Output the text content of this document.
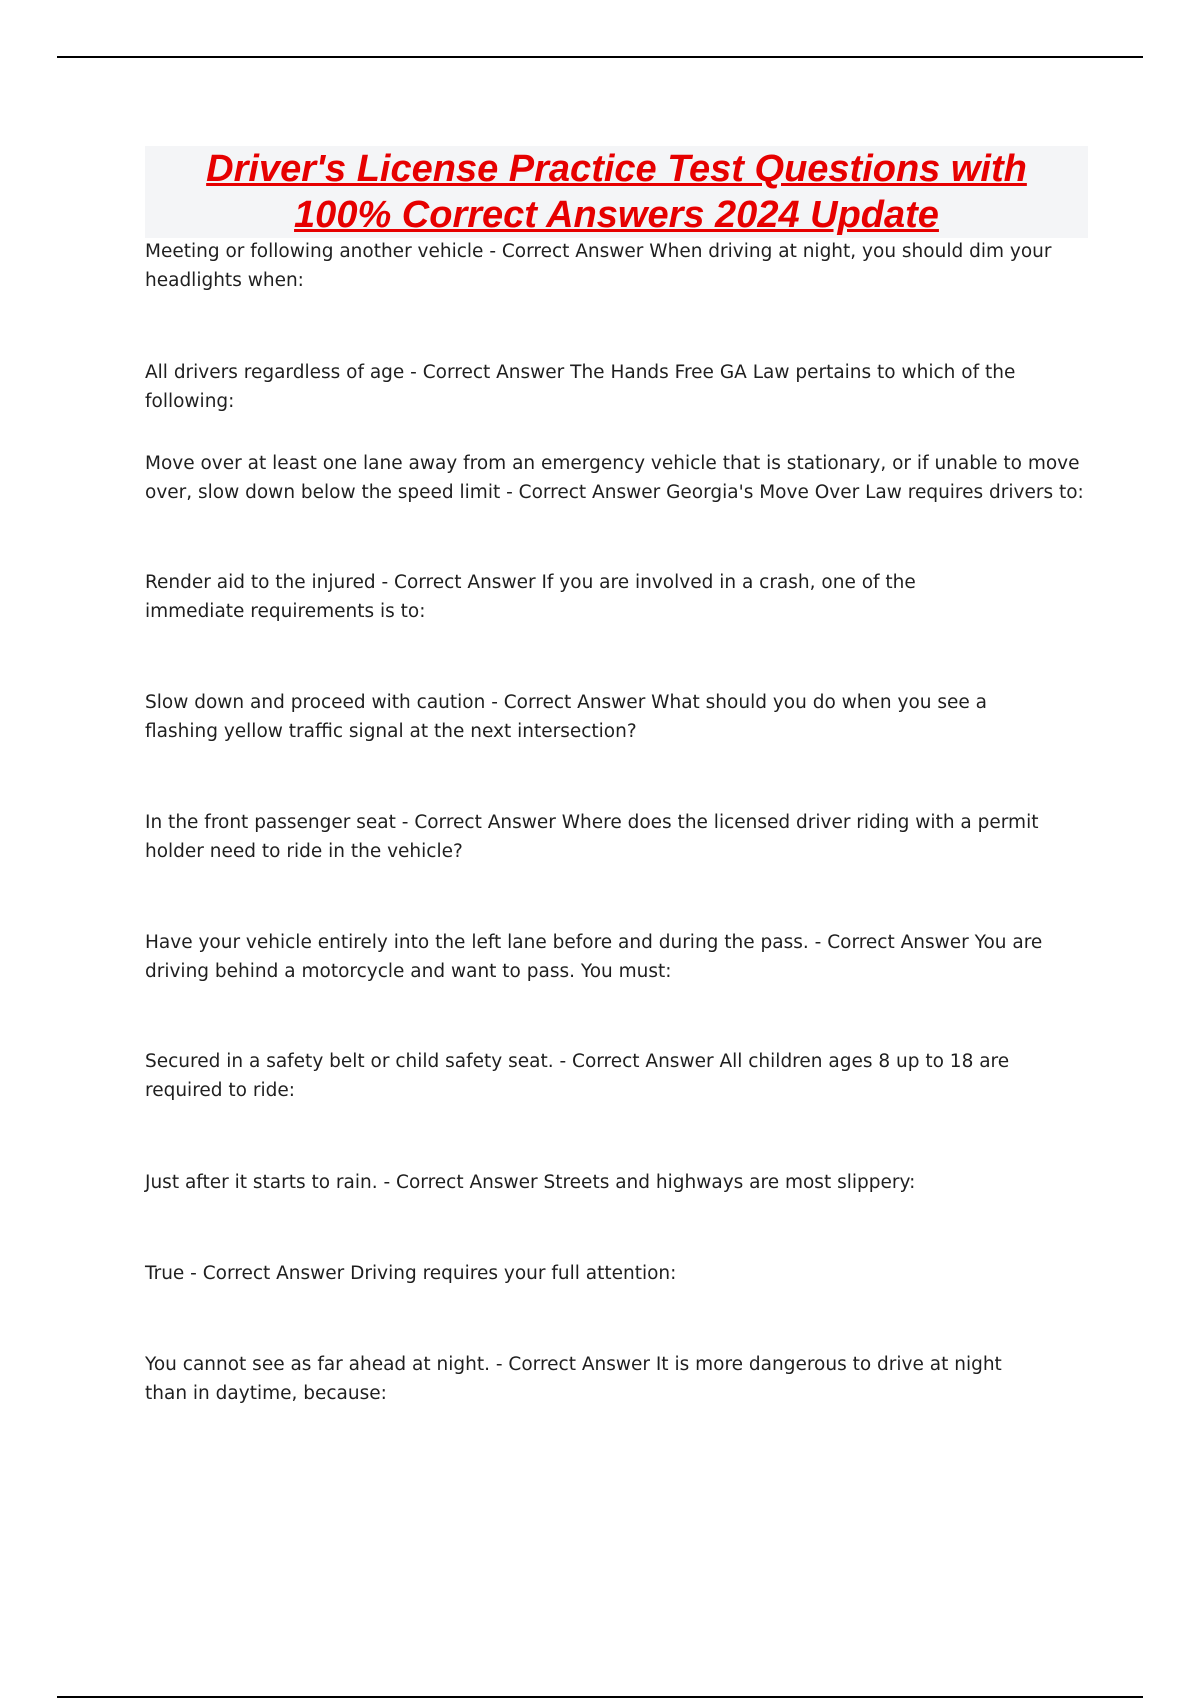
Driver's License Practice Test Questions with
100% Correct Answers 2024 Update

Meeting or following another vehicle - Correct Answer When driving at night, you should dim your headlights when:

All drivers regardless of age - Correct Answer The Hands Free GA Law pertains to which of the following:

Move over at least one lane away from an emergency vehicle that is stationary, or if unable to move over, slow down below the speed limit - Correct Answer Georgia's Move Over Law requires drivers to:

Render aid to the injured - Correct Answer If you are involved in a crash, one of the immediate requirements is to:

Slow down and proceed with caution - Correct Answer What should you do when you see a flashing yellow traffic signal at the next intersection?

In the front passenger seat - Correct Answer Where does the licensed driver riding with a permit holder need to ride in the vehicle?

Have your vehicle entirely into the left lane before and during the pass. - Correct Answer You are driving behind a motorcycle and want to pass. You must:

Secured in a safety belt or child safety seat. - Correct Answer All children ages 8 up to 18 are required to ride:

Just after it starts to rain. - Correct Answer Streets and highways are most slippery:

True - Correct Answer Driving requires your full attention:

You cannot see as far ahead at night. - Correct Answer It is more dangerous to drive at night than in daytime, because:
